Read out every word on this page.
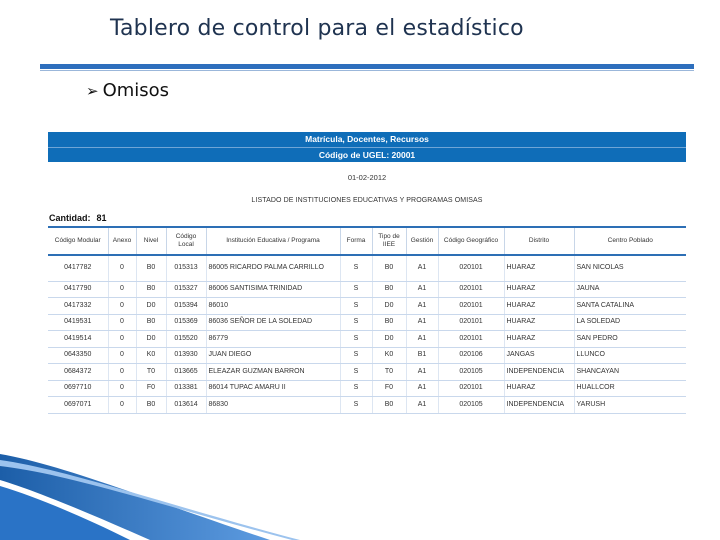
Tablero de control para el estadístico
➢ Omisos
Matrícula, Docentes, Recursos
Código de UGEL: 20001
01-02-2012
LISTADO DE INSTITUCIONES EDUCATIVAS Y PROGRAMAS OMISAS
Cantidad: 81
Código Modular	Anexo	Nivel	Código Local	Institución Educativa / Programa	Forma	Tipo de IIEE	Gestión	Código Geográfico	Distrito	Centro Poblado
0417782	0	B0	015313	86005 RICARDO PALMA CARRILLO	S	B0	A1	020101	HUARAZ	SAN NICOLAS
0417790	0	B0	015327	86006 SANTISIMA TRINIDAD	S	B0	A1	020101	HUARAZ	JAUNA
0417332	0	D0	015394	86010	S	D0	A1	020101	HUARAZ	SANTA CATALINA
0419531	0	B0	015369	86036 SEÑOR DE LA SOLEDAD	S	B0	A1	020101	HUARAZ	LA SOLEDAD
0419514	0	D0	015520	86779	S	D0	A1	020101	HUARAZ	SAN PEDRO
0643350	0	K0	013930	JUAN DIEGO	S	K0	B1	020106	JANGAS	LLUNCO
0684372	0	T0	013665	ELEAZAR GUZMAN BARRON	S	T0	A1	020105	INDEPENDENCIA	SHANCAYAN
0697710	0	F0	013381	86014 TUPAC AMARU II	S	F0	A1	020101	HUARAZ	HUALLCOR
0697071	0	B0	013614	86830	S	B0	A1	020105	INDEPENDENCIA	YARUSH
